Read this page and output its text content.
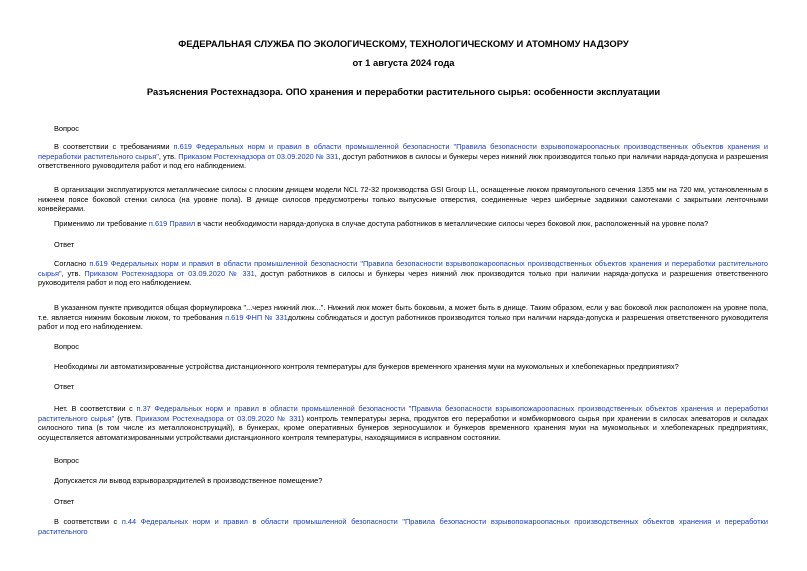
ФЕДЕРАЛЬНАЯ СЛУЖБА ПО ЭКОЛОГИЧЕСКОМУ, ТЕХНОЛОГИЧЕСКОМУ И АТОМНОМУ НАДЗОРУ
от 1 августа 2024 года
Разъяснения Ростехнадзора. ОПО хранения и переработки растительного сырья: особенности эксплуатации
Вопрос
В соответствии с требованиями п.619 Федеральных норм и правил в области промышленной безопасности "Правила безопасности взрывопожароопасных производственных объектов хранения и переработки растительного сырья", утв. Приказом Ростехнадзора от 03.09.2020 № 331, доступ работников в силосы и бункеры через нижний люк производится только при наличии наряда-допуска и разрешения ответственного руководителя работ и под его наблюдением.
В организации эксплуатируются металлические силосы с плоским днищем модели NCL 72-32 производства GSI Group LL, оснащенные люком прямоугольного сечения 1355 мм на 720 мм, установленным в нижнем поясе боковой стенки силоса (на уровне пола). В днище силосов предусмотрены только выпускные отверстия, соединенные через шиберные задвижки самотеками с закрытыми ленточными конвейерами.
Применимо ли требование п.619 Правил в части необходимости наряда-допуска в случае доступа работников в металлические силосы через боковой люк, расположенный на уровне пола?
Ответ
Согласно п.619 Федеральных норм и правил в области промышленной безопасности "Правила безопасности взрывопожароопасных производственных объектов хранения и переработки растительного сырья", утв. Приказом Ростехнадзора от 03.09.2020 № 331, доступ работников в силосы и бункеры через нижний люк производится только при наличии наряда-допуска и разрешения ответственного руководителя работ и под его наблюдением.
В указанном пункте приводится общая формулировка "...через нижний люк...". Нижний люк может быть боковым, а может быть в днище. Таким образом, если у вас боковой люк расположен на уровне пола, т.е. является нижним боковым люком, то требования п.619 ФНП № 331должны соблюдаться и доступ работников производится только при наличии наряда-допуска и разрешения ответственного руководителя работ и под его наблюдением.
Вопрос
Необходимы ли автоматизированные устройства дистанционного контроля температуры для бункеров временного хранения муки на мукомольных и хлебопекарных предприятиях?
Ответ
Нет. В соответствии с п.37 Федеральных норм и правил в области промышленной безопасности "Правила безопасности взрывопожароопасных производственных объектов хранения и переработки растительного сырья" (утв. Приказом Ростехнадзора от 03.09.2020 № 331) контроль температуры зерна, продуктов его переработки и комбикормового сырья при хранении в силосах элеваторов и складах силосного типа (в том числе из металлоконструкций), в бункерах, кроме оперативных бункеров зерносушилок и бункеров временного хранения муки на мукомольных и хлебопекарных предприятиях, осуществляется автоматизированными устройствами дистанционного контроля температуры, находящимися в исправном состоянии.
Вопрос
Допускается ли вывод взрыворазрядителей в производственное помещение?
Ответ
В соответствии с п.44 Федеральных норм и правил в области промышленной безопасности "Правила безопасности взрывопожароопасных производственных объектов хранения и переработки растительного
